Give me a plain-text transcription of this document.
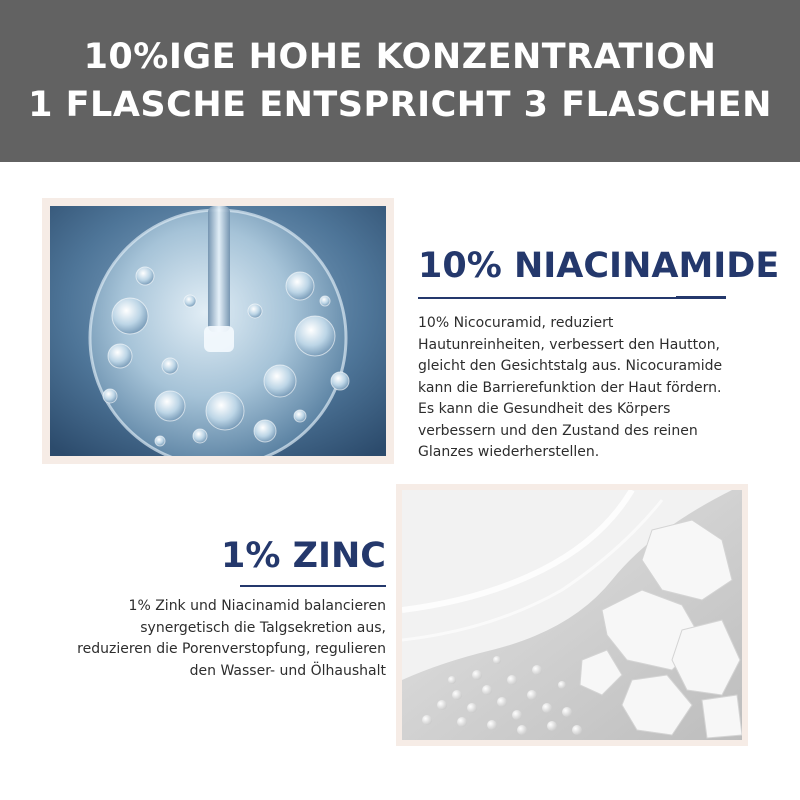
10%IGE HOHE KONZENTRATION
1 FLASCHE ENTSPRICHT 3 FLASCHEN
10% NIACINAMIDE
10% Nicocuramid, reduziert
Hautunreinheiten, verbessert den Hautton,
gleicht den Gesichtstalg aus. Nicocuramide
kann die Barrierefunktion der Haut fördern.
Es kann die Gesundheit des Körpers
verbessern und den Zustand des reinen
Glanzes wiederherstellen.
1% ZINC
1% Zink und Niacinamid balancieren
synergetisch die Talgsekretion aus,
reduzieren die Porenverstopfung, regulieren
den Wasser- und Ölhaushalt
